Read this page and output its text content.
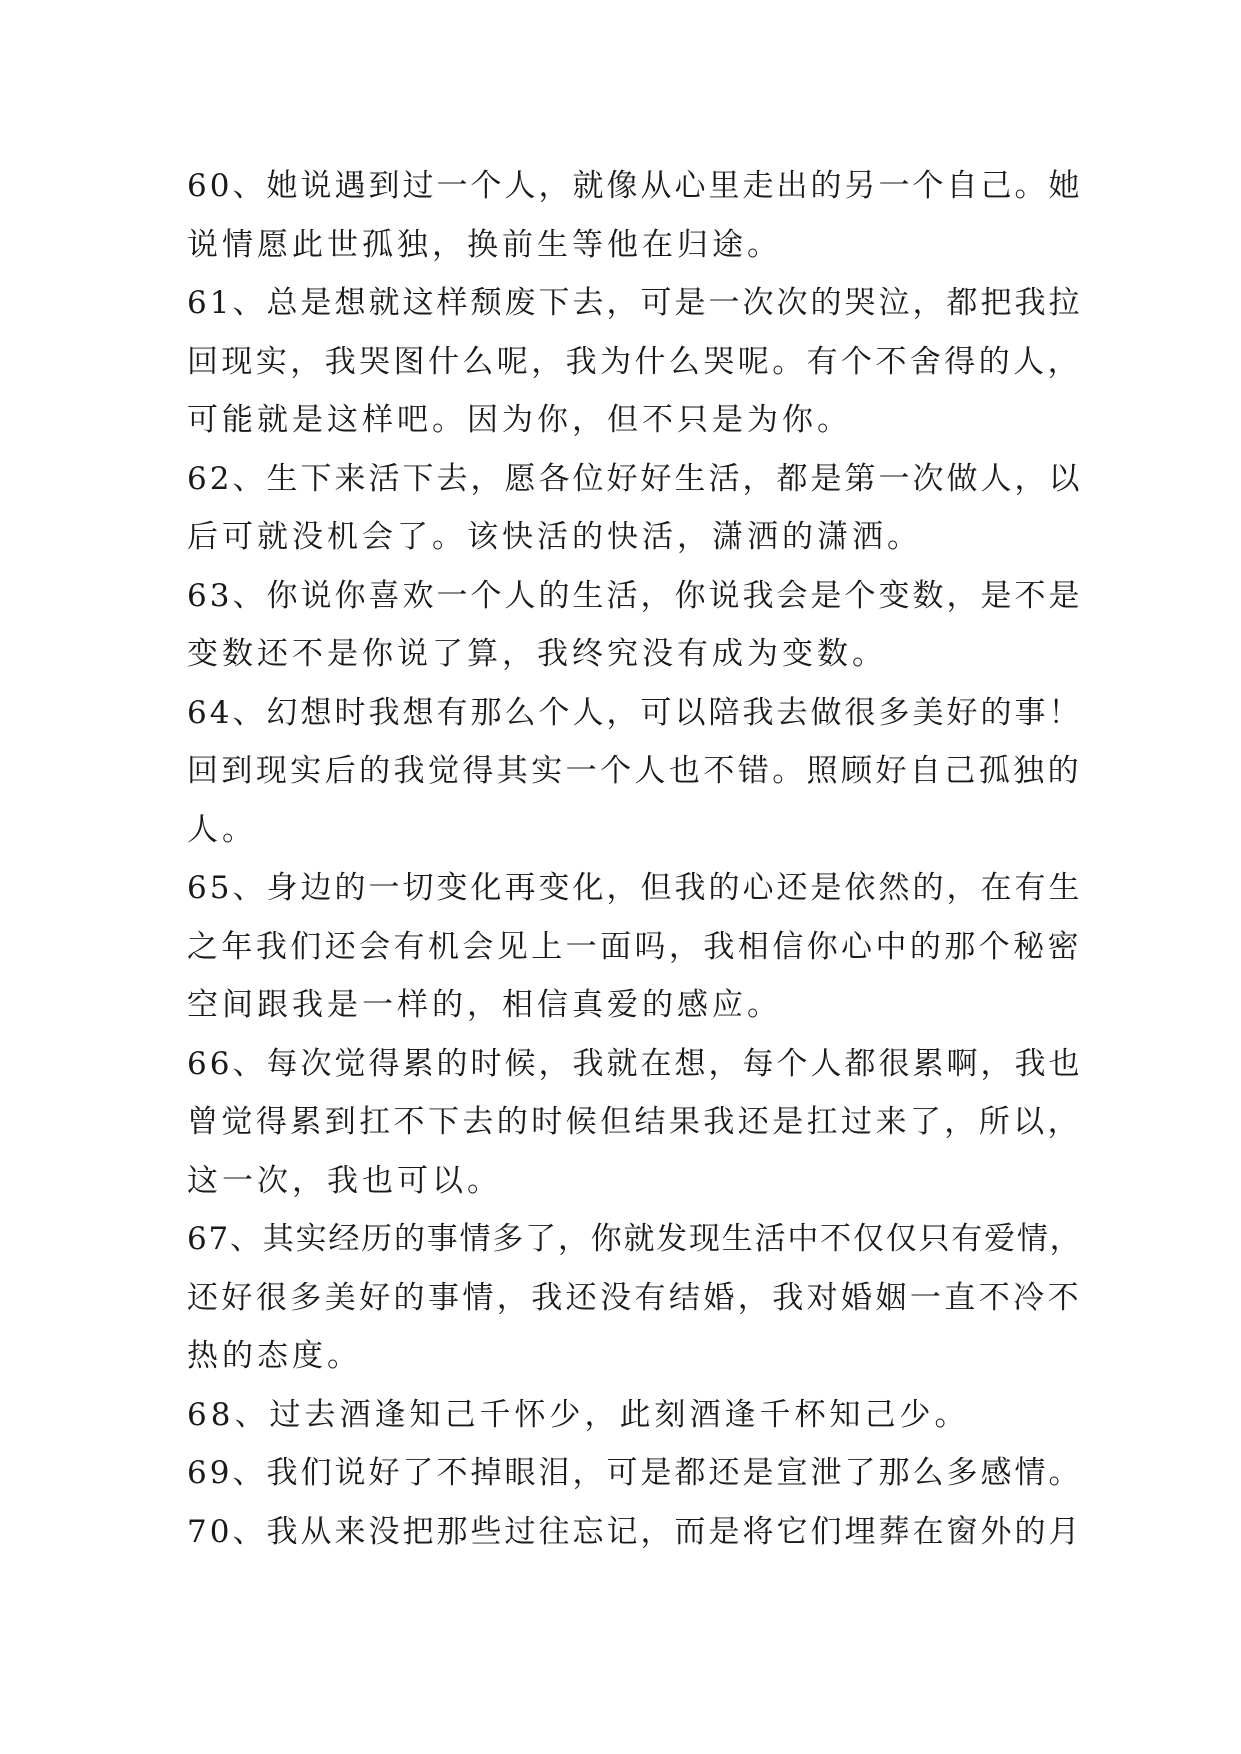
60、她说遇到过一个人，就像从心里走出的另一个自己。她
说情愿此世孤独，换前生等他在归途。
61、总是想就这样颓废下去，可是一次次的哭泣，都把我拉
回现实，我哭图什么呢，我为什么哭呢。有个不舍得的人，
可能就是这样吧。因为你，但不只是为你。
62、生下来活下去，愿各位好好生活，都是第一次做人，以
后可就没机会了。该快活的快活，潇洒的潇洒。
63、你说你喜欢一个人的生活，你说我会是个变数，是不是
变数还不是你说了算，我终究没有成为变数。
64、幻想时我想有那么个人，可以陪我去做很多美好的事！
回到现实后的我觉得其实一个人也不错。照顾好自己孤独的
人。
65、身边的一切变化再变化，但我的心还是依然的，在有生
之年我们还会有机会见上一面吗，我相信你心中的那个秘密
空间跟我是一样的，相信真爱的感应。
66、每次觉得累的时候，我就在想，每个人都很累啊，我也
曾觉得累到扛不下去的时候但结果我还是扛过来了，所以，
这一次，我也可以。
67、其实经历的事情多了，你就发现生活中不仅仅只有爱情，
还好很多美好的事情，我还没有结婚，我对婚姻一直不冷不
热的态度。
68、过去酒逢知己千怀少，此刻酒逢千杯知己少。
69、我们说好了不掉眼泪，可是都还是宣泄了那么多感情。
70、我从来没把那些过往忘记，而是将它们埋葬在窗外的月
